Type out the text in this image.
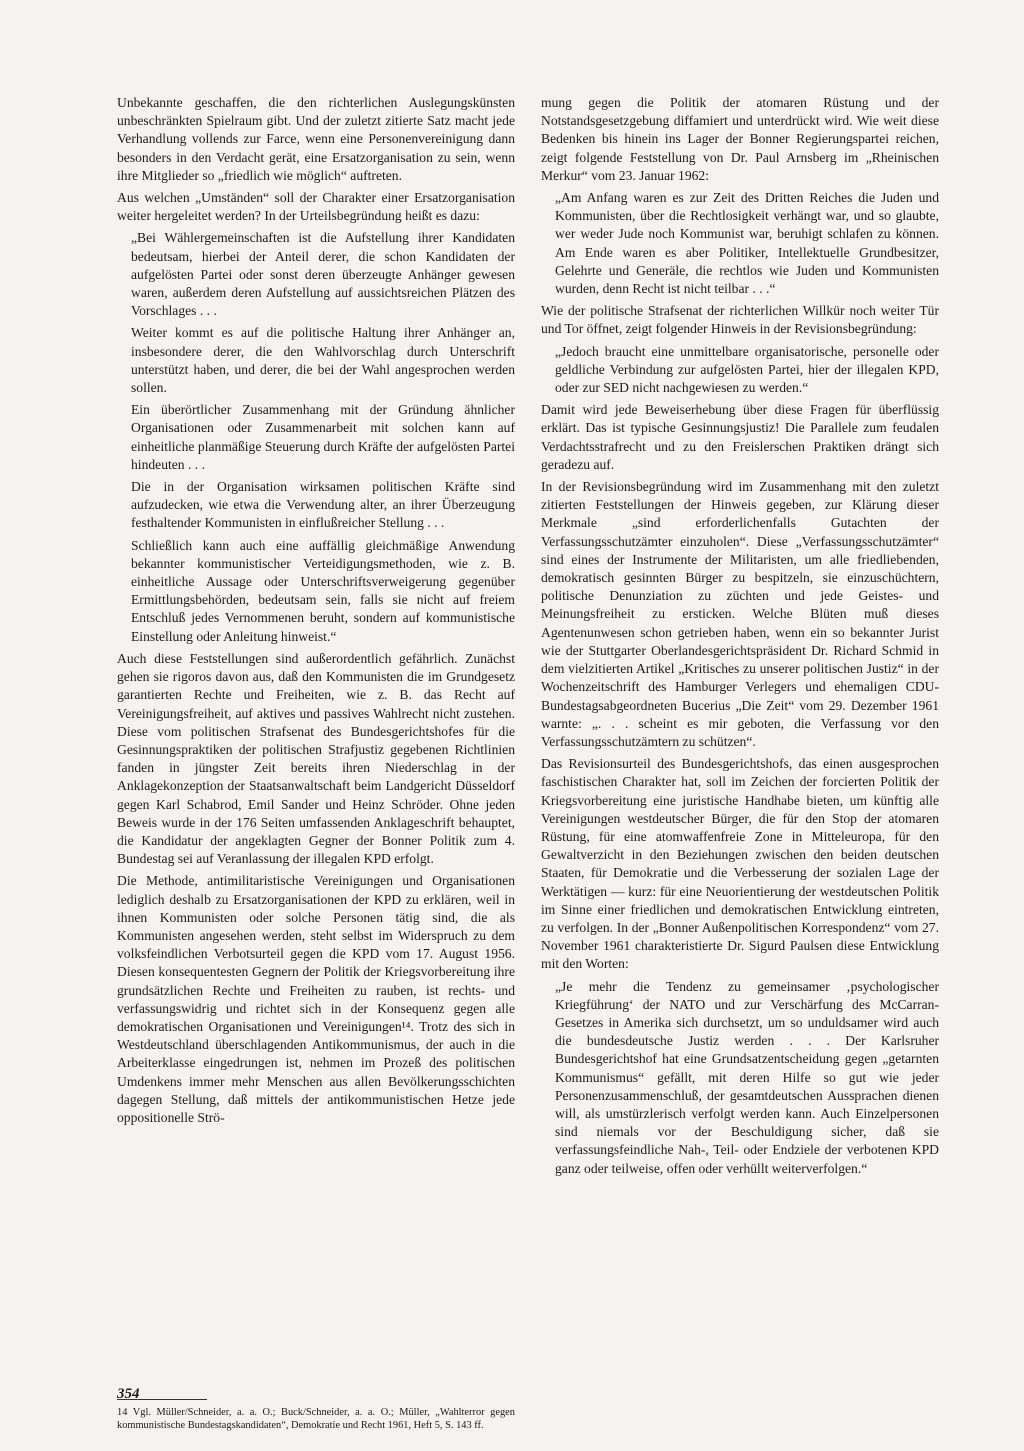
Unbekannte geschaffen, die den richterlichen Auslegungskünsten unbeschränkten Spielraum gibt. Und der zuletzt zitierte Satz macht jede Verhandlung vollends zur Farce, wenn eine Personenvereinigung dann besonders in den Verdacht gerät, eine Ersatzorganisation zu sein, wenn ihre Mitglieder so „friedlich wie möglich“ auftreten.

Aus welchen „Umständen“ soll der Charakter einer Ersatzorganisation weiter hergeleitet werden? In der Urteilsbegründung heißt es dazu:

„Bei Wählergemeinschaften ist die Aufstellung ihrer Kandidaten bedeutsam, hierbei der Anteil derer, die schon Kandidaten der aufgelösten Partei oder sonst deren überzeugte Anhänger gewesen waren, außerdem deren Aufstellung auf aussichtsreichen Plätzen des Vorschlages . . .

Weiter kommt es auf die politische Haltung ihrer Anhänger an, insbesondere derer, die den Wahlvorschlag durch Unterschrift unterstützt haben, und derer, die bei der Wahl angesprochen werden sollen.

Ein überörtlicher Zusammenhang mit der Gründung ähnlicher Organisationen oder Zusammenarbeit mit solchen kann auf einheitliche planmäßige Steuerung durch Kräfte der aufgelösten Partei hindeuten . . .

Die in der Organisation wirksamen politischen Kräfte sind aufzudecken, wie etwa die Verwendung alter, an ihrer Überzeugung festhaltender Kommunisten in einflußreicher Stellung . . .

Schließlich kann auch eine auffällig gleichmäßige Anwendung bekannter kommunistischer Verteidigungsmethoden, wie z. B. einheitliche Aussage oder Unterschriftsverweigerung gegenüber Ermittlungsbehörden, bedeutsam sein, falls sie nicht auf freiem Entschluß jedes Vernommenen beruht, sondern auf kommunistische Einstellung oder Anleitung hinweist.“

Auch diese Feststellungen sind außerordentlich gefährlich. Zunächst gehen sie rigoros davon aus, daß den Kommunisten die im Grundgesetz garantierten Rechte und Freiheiten, wie z. B. das Recht auf Vereinigungsfreiheit, auf aktives und passives Wahlrecht nicht zustehen. Diese vom politischen Strafsenat des Bundesgerichtshofes für die Gesinnungspraktiken der politischen Strafjustiz gegebenen Richtlinien fanden in jüngster Zeit bereits ihren Niederschlag in der Anklagekonzeption der Staatsanwaltschaft beim Landgericht Düsseldorf gegen Karl Schabrod, Emil Sander und Heinz Schröder. Ohne jeden Beweis wurde in der 176 Seiten umfassenden Anklageschrift behauptet, die Kandidatur der angeklagten Gegner der Bonner Politik zum 4. Bundestag sei auf Veranlassung der illegalen KPD erfolgt.

Die Methode, antimilitaristische Vereinigungen und Organisationen lediglich deshalb zu Ersatzorganisationen der KPD zu erklären, weil in ihnen Kommunisten oder solche Personen tätig sind, die als Kommunisten angesehen werden, steht selbst im Widerspruch zu dem volksfeindlichen Verbotsurteil gegen die KPD vom 17. August 1956. Diesen konsequentesten Gegnern der Politik der Kriegsvorbereitung ihre grundsätzlichen Rechte und Freiheiten zu rauben, ist rechts- und verfassungswidrig und richtet sich in der Konsequenz gegen alle demokratischen Organisationen und Vereinigungen¹⁴. Trotz des sich in Westdeutschland überschlagenden Antikommunismus, der auch in die Arbeiterklasse eingedrungen ist, nehmen im Prozeß des politischen Umdenkens immer mehr Menschen aus allen Bevölkerungsschichten dagegen Stellung, daß mittels der antikommunistischen Hetze jede oppositionelle Strö-

mung gegen die Politik der atomaren Rüstung und der Notstandsgesetzgebung diffamiert und unterdrückt wird. Wie weit diese Bedenken bis hinein ins Lager der Bonner Regierungspartei reichen, zeigt folgende Feststellung von Dr. Paul Arnsberg im „Rheinischen Merkur“ vom 23. Januar 1962:

„Am Anfang waren es zur Zeit des Dritten Reiches die Juden und Kommunisten, über die Rechtlosigkeit verhängt war, und so glaubte, wer weder Jude noch Kommunist war, beruhigt schlafen zu können. Am Ende waren es aber Politiker, Intellektuelle Grundbesitzer, Gelehrte und Generäle, die rechtlos wie Juden und Kommunisten wurden, denn Recht ist nicht teilbar . . .“

Wie der politische Strafsenat der richterlichen Willkür noch weiter Tür und Tor öffnet, zeigt folgender Hinweis in der Revisionsbegründung:

„Jedoch braucht eine unmittelbare organisatorische, personelle oder geldliche Verbindung zur aufgelösten Partei, hier der illegalen KPD, oder zur SED nicht nachgewiesen zu werden.“

Damit wird jede Beweiserhebung über diese Fragen für überflüssig erklärt. Das ist typische Gesinnungsjustiz! Die Parallele zum feudalen Verdachtsstrafrecht und zu den Freislerschen Praktiken drängt sich geradezu auf.

In der Revisionsbegründung wird im Zusammenhang mit den zuletzt zitierten Feststellungen der Hinweis gegeben, zur Klärung dieser Merkmale „sind erforderlichenfalls Gutachten der Verfassungsschutzämter einzuholen“. Diese „Verfassungsschutzämter“ sind eines der Instrumente der Militaristen, um alle friedliebenden, demokratisch gesinnten Bürger zu bespitzeln, sie einzuschüchtern, politische Denunziation zu züchten und jede Geistes- und Meinungsfreiheit zu ersticken. Welche Blüten muß dieses Agentenunwesen schon getrieben haben, wenn ein so bekannter Jurist wie der Stuttgarter Oberlandesgerichtspräsident Dr. Richard Schmid in dem vielzitierten Artikel „Kritisches zu unserer politischen Justiz“ in der Wochenzeitschrift des Hamburger Verlegers und ehemaligen CDU-Bundestagsabgeordneten Bucerius „Die Zeit“ vom 29. Dezember 1961 warnte: „. . . scheint es mir geboten, die Verfassung vor den Verfassungsschutzämtern zu schützen“.

Das Revisionsurteil des Bundesgerichtshofs, das einen ausgesprochen faschistischen Charakter hat, soll im Zeichen der forcierten Politik der Kriegsvorbereitung eine juristische Handhabe bieten, um künftig alle Vereinigungen westdeutscher Bürger, die für den Stop der atomaren Rüstung, für eine atomwaffenfreie Zone in Mitteleuropa, für den Gewaltverzicht in den Beziehungen zwischen den beiden deutschen Staaten, für Demokratie und die Verbesserung der sozialen Lage der Werktätigen — kurz: für eine Neuorientierung der westdeutschen Politik im Sinne einer friedlichen und demokratischen Entwicklung eintreten, zu verfolgen. In der „Bonner Außenpolitischen Korrespondenz“ vom 27. November 1961 charakteristierte Dr. Sigurd Paulsen diese Entwicklung mit den Worten:

„Je mehr die Tendenz zu gemeinsamer ‚psychologischer Kriegführung‘ der NATO und zur Verschärfung des McCarran-Gesetzes in Amerika sich durchsetzt, um so unduldsamer wird auch die bundesdeutsche Justiz werden . . . Der Karlsruher Bundesgerichtshof hat eine Grundsatzentscheidung gegen „getarnten Kommunismus“ gefällt, mit deren Hilfe so gut wie jeder Personenzusammenschluß, der gesamtdeutschen Aussprachen dienen will, als umstürzlerisch verfolgt werden kann. Auch Einzelpersonen sind niemals vor der Beschuldigung sicher, daß sie verfassungsfeindliche Nah-, Teil- oder Endziele der verbotenen KPD ganz oder teilweise, offen oder verhüllt weiterverfolgen.“

14 Vgl. Müller/Schneider, a. a. O.; Buck/Schneider, a. a. O.; Müller, „Wahlterror gegen kommunistische Bundestagskandidaten“, Demokratie und Recht 1961, Heft 5, S. 143 ff.

354
